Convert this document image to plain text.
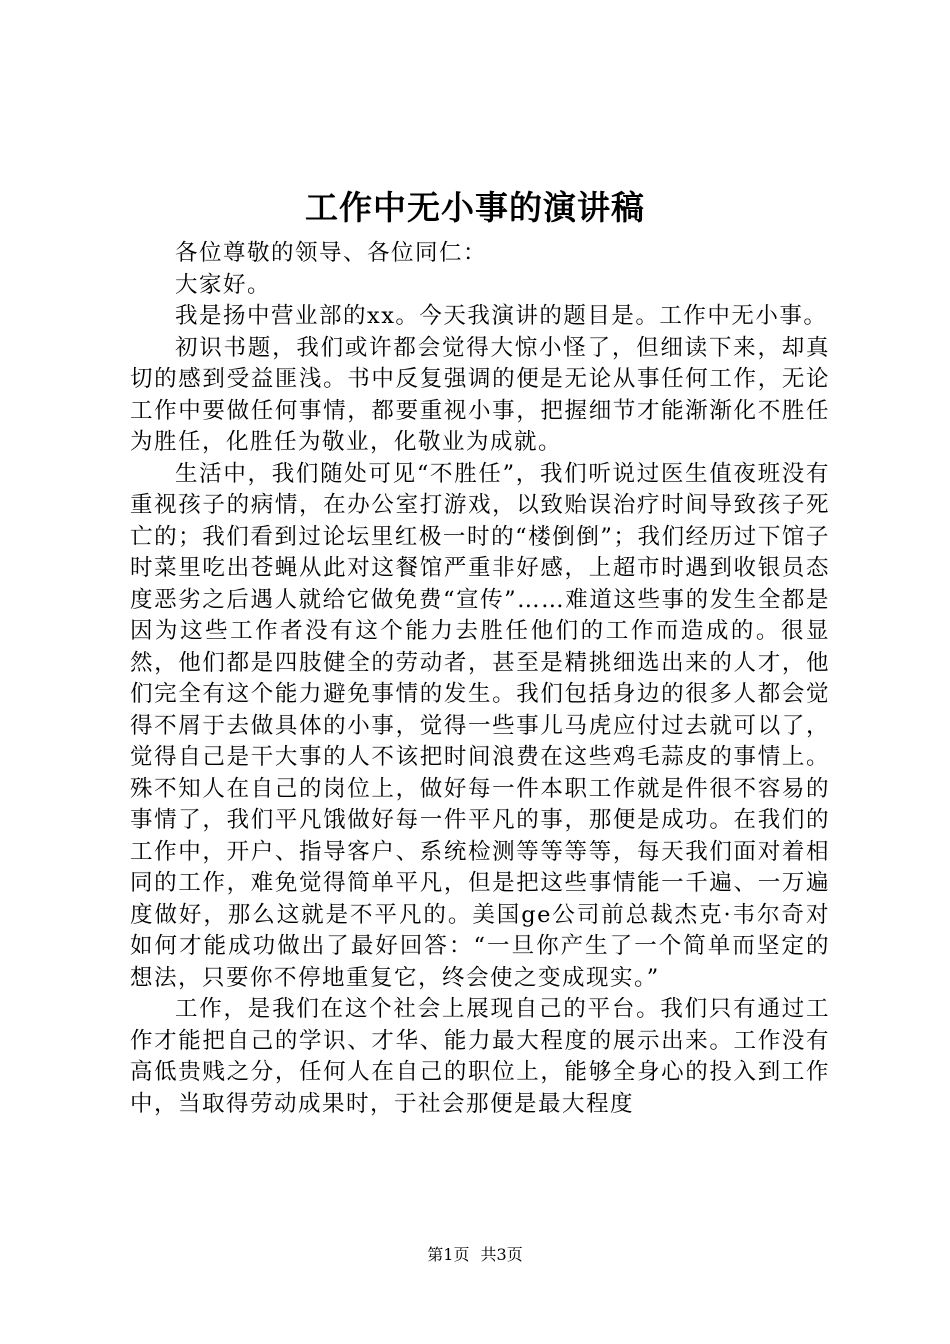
工作中无小事的演讲稿

各位尊敬的领导、各位同仁：

大家好。

我是扬中营业部的xx。今天我演讲的题目是。工作中无小事。

初识书题，我们或许都会觉得大惊小怪了，但细读下来，却真切的感到受益匪浅。书中反复强调的便是无论从事任何工作，无论工作中要做任何事情，都要重视小事，把握细节才能渐渐化不胜任为胜任，化胜任为敬业，化敬业为成就。

生活中，我们随处可见“不胜任”，我们听说过医生值夜班没有重视孩子的病情，在办公室打游戏，以致贻误治疗时间导致孩子死亡的；我们看到过论坛里红极一时的“楼倒倒”；我们经历过下馆子时菜里吃出苍蝇从此对这餐馆严重非好感，上超市时遇到收银员态度恶劣之后遇人就给它做免费“宣传”……难道这些事的发生全都是因为这些工作者没有这个能力去胜任他们的工作而造成的。很显然，他们都是四肢健全的劳动者，甚至是精挑细选出来的人才，他们完全有这个能力避免事情的发生。我们包括身边的很多人都会觉得不屑于去做具体的小事，觉得一些事儿马虎应付过去就可以了，觉得自己是干大事的人不该把时间浪费在这些鸡毛蒜皮的事情上。殊不知人在自己的岗位上，做好每一件本职工作就是件很不容易的事情了，我们平凡饿做好每一件平凡的事，那便是成功。在我们的工作中，开户、指导客户、系统检测等等等等，每天我们面对着相同的工作，难免觉得简单平凡，但是把这些事情能一千遍、一万遍度做好，那么这就是不平凡的。美国ge公司前总裁杰克·韦尔奇对如何才能成功做出了最好回答：“一旦你产生了一个简单而坚定的想法，只要你不停地重复它，终会使之变成现实。”

工作，是我们在这个社会上展现自己的平台。我们只有通过工作才能把自己的学识、才华、能力最大程度的展示出来。工作没有高低贵贱之分，任何人在自己的职位上，能够全身心的投入到工作中，当取得劳动成果时，于社会那便是最大程度

第1页 共3页
